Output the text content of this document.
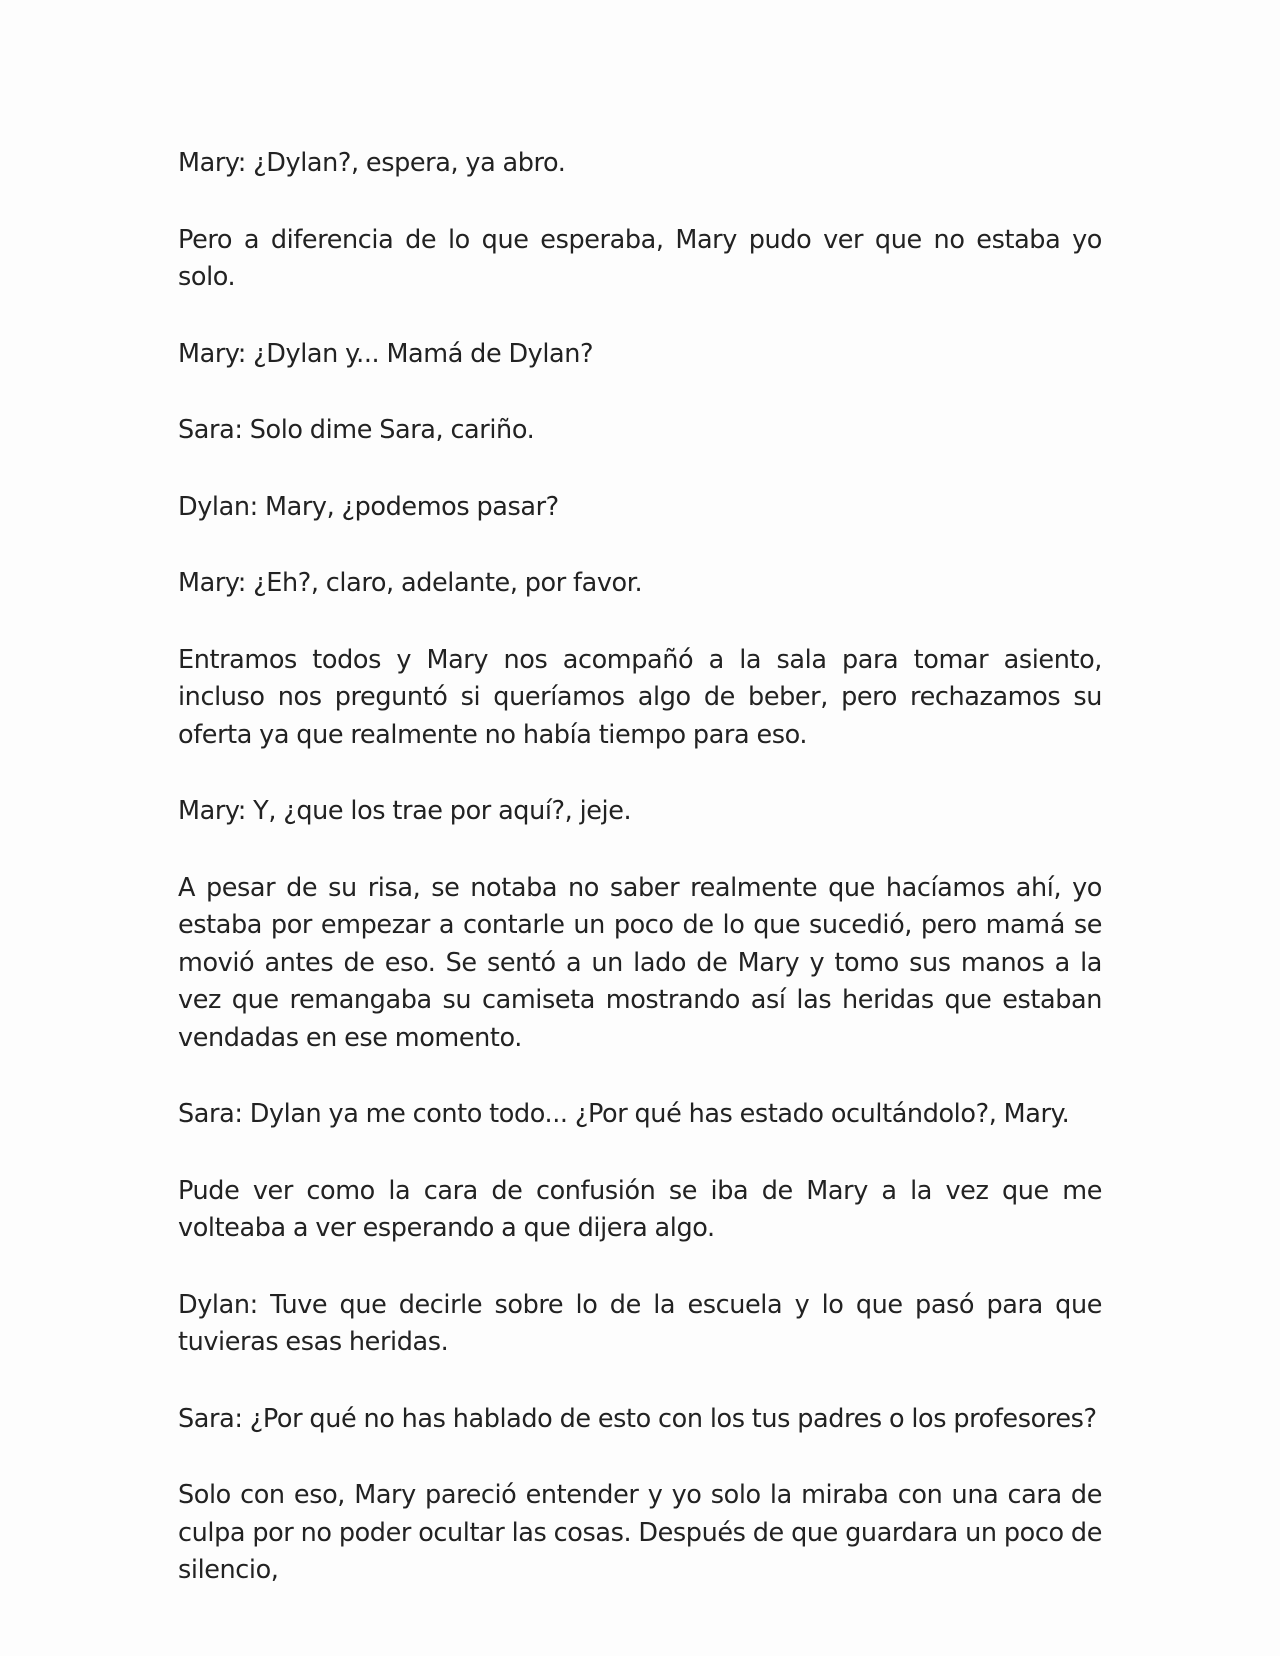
Mary: ¿Dylan?, espera, ya abro.

Pero a diferencia de lo que esperaba, Mary pudo ver que no estaba yo solo.

Mary: ¿Dylan y... Mamá de Dylan?

Sara: Solo dime Sara, cariño.

Dylan: Mary, ¿podemos pasar?

Mary: ¿Eh?, claro, adelante, por favor.

Entramos todos y Mary nos acompañó a la sala para tomar asiento, incluso nos preguntó si queríamos algo de beber, pero rechazamos su oferta ya que realmente no había tiempo para eso.

Mary: Y, ¿que los trae por aquí?, jeje.

A pesar de su risa, se notaba no saber realmente que hacíamos ahí, yo estaba por empezar a contarle un poco de lo que sucedió, pero mamá se movió antes de eso. Se sentó a un lado de Mary y tomo sus manos a la vez que remangaba su camiseta mostrando así las heridas que estaban vendadas en ese momento.

Sara: Dylan ya me conto todo... ¿Por qué has estado ocultándolo?, Mary.

Pude ver como la cara de confusión se iba de Mary a la vez que me volteaba a ver esperando a que dijera algo.

Dylan: Tuve que decirle sobre lo de la escuela y lo que pasó para que tuvieras esas heridas.

Sara: ¿Por qué no has hablado de esto con los tus padres o los profesores?

Solo con eso, Mary pareció entender y yo solo la miraba con una cara de culpa por no poder ocultar las cosas. Después de que guardara un poco de silencio,
